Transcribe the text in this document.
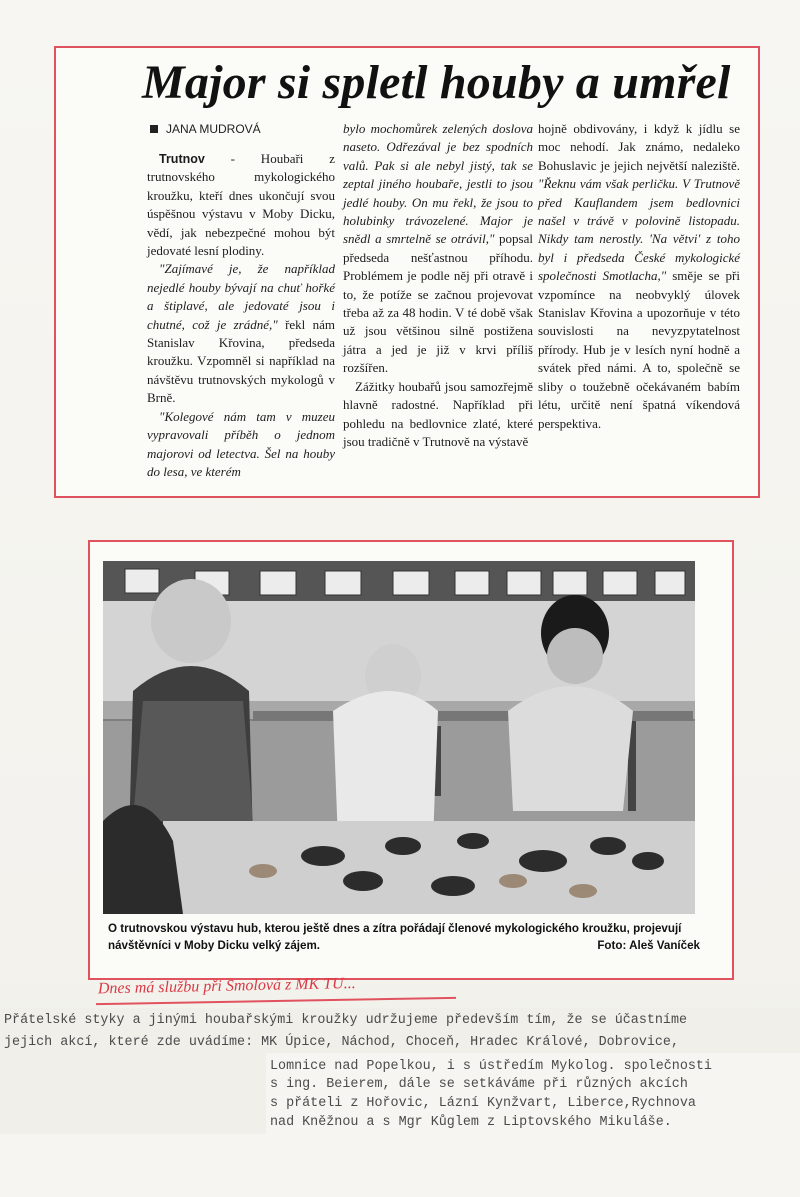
Major si spletl houby a umřel
JANA MUDROVÁ

Trutnov - Houbaři z trutnovského mykologického kroužku, kteří dnes ukončují svou úspěšnou výstavu v Moby Dicku, vědí, jak nebezpečné mohou být jedovaté lesní plodiny.

"Zajímavé je, že například nejedlé houby bývají na chuť hořké a štiplavé, ale jedovaté jsou i chutné, což je zrádné," řekl nám Stanislav Křovina, předseda kroužku. Vzpomněl si například na návštěvu trutnovských mykologů v Brně.

"Kolegové nám tam v muzeu vypravovali příběh o jednom majorovi od letectva. Šel na houby do lesa, ve kterém

bylo mochomůrek zelených doslova naseto. Odřezával je bez spodních valů. Pak si ale nebyl jistý, tak se zeptal jiného houbaře, jestli to jsou jedlé houby. On mu řekl, že jsou to holubinky trávozelené. Major je snědl a smrtelně se otrávil," popsal předseda nešťastnou příhodu. Problémem je podle něj při otravě i to, že potíže se začnou projevovat třeba až za 48 hodin. V té době však už jsou většinou silně postižena játra a jed je již v krvi příliš rozšířen.

Zážitky houbařů jsou samozřejmě hlavně radostné. Například při pohledu na bedlovnice zlaté, které jsou tradičně v Trutnově na výstavě

hojně obdivovány, i když k jídlu se moc nehodí. Jak známo, nedaleko Bohuslavic je jejich největší naleziště. "Řeknu vám však perličku. V Trutnově před Kauflandem jsem bedlovnici našel v trávě v polovině listopadu. Nikdy tam nerostly. 'Na větvi' z toho byl i předseda České mykologické společnosti Smotlacha," směje se při vzpomínce na neobvyklý úlovek Stanislav Křovina a upozorňuje v této souvislosti na nevyzpytatelnost přírody. Hub je v lesích nyní hodně a svátek před námi. A to, společně se sliby o toužebně očekávaném babím létu, určitě není špatná víkendová perspektiva.

O trutnovskou výstavu hub, kterou ještě dnes a zítra pořádají členové mykologického kroužku, projevují
návštěvníci v Moby Dicku velký zájem.	Foto: Aleš Vaníček
Dnes má službu při Smolová z MK TU...

Přátelské styky a jinými houbařskými kroužky udržujeme především tím, že se účastníme

jejich akcí, které zde uvádíme: MK Úpice, Náchod, Choceň, Hradec Králové, Dobrovice,

Lomnice nad Popelkou, i s ústředím Mykolog. společnosti

s ing. Beierem, dále se setkáváme při různých akcích

s přáteli z Hořovic, Lázní Kynžvart, Liberce,Rychnova

nad Kněžnou a s Mgr Kůglem z Liptovského Mikuláše.
